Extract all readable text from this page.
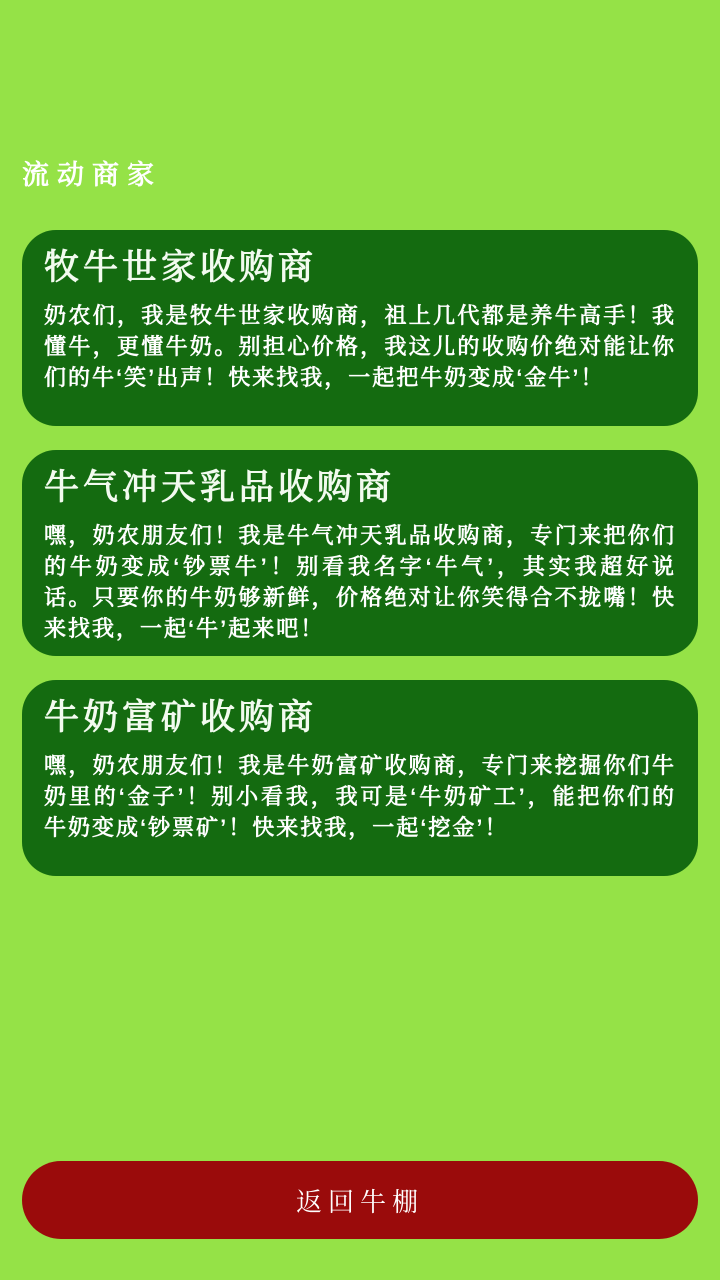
流动商家
牧牛世家收购商
奶农们，我是牧牛世家收购商，祖上几代都是养牛高手！我懂牛，更懂牛奶。别担心价格，我这儿的收购价绝对能让你们的牛‘笑’出声！快来找我，一起把牛奶变成‘金牛’！
牛气冲天乳品收购商
嘿，奶农朋友们！我是牛气冲天乳品收购商，专门来把你们的牛奶变成‘钞票牛’！别看我名字‘牛气’，其实我超好说话。只要你的牛奶够新鲜，价格绝对让你笑得合不拢嘴！快来找我，一起‘牛’起来吧！
牛奶富矿收购商
嘿，奶农朋友们！我是牛奶富矿收购商，专门来挖掘你们牛奶里的‘金子’！别小看我，我可是‘牛奶矿工’，能把你们的牛奶变成‘钞票矿’！快来找我，一起‘挖金’！
返回牛棚
